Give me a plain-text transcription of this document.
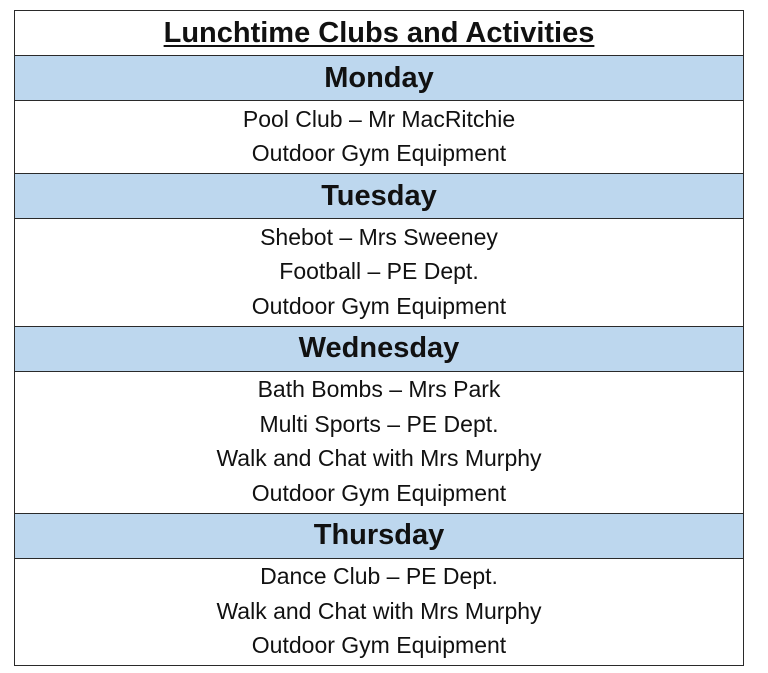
Lunchtime Clubs and Activities
Monday
Pool Club – Mr MacRitchie
Outdoor Gym Equipment
Tuesday
Shebot – Mrs Sweeney
Football – PE Dept.
Outdoor Gym Equipment
Wednesday
Bath Bombs – Mrs Park
Multi Sports – PE Dept.
Walk and Chat with Mrs Murphy
Outdoor Gym Equipment
Thursday
Dance Club – PE Dept.
Walk and Chat with Mrs Murphy
Outdoor Gym Equipment
